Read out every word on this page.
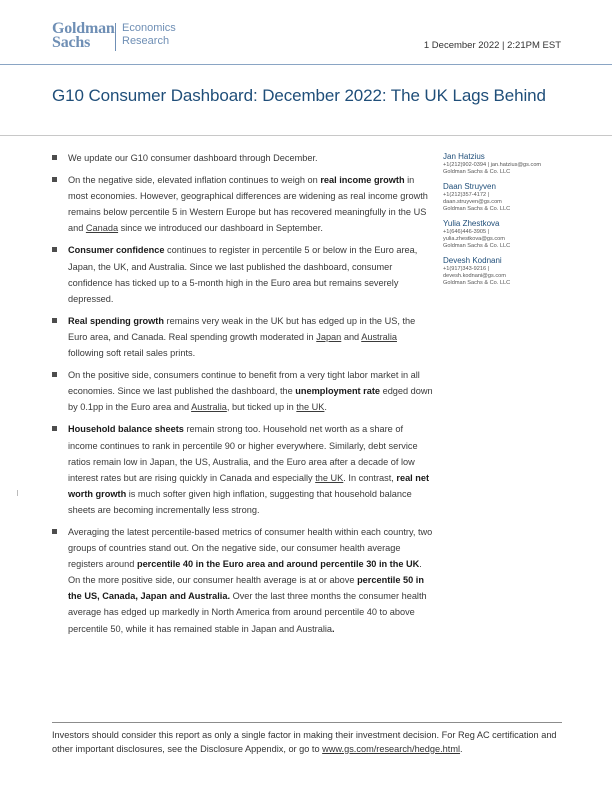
Goldman
Sachs
Economics
Research	1 December 2022 | 2:21PM EST
G10 Consumer Dashboard: December 2022: The UK Lags Behind
We update our G10 consumer dashboard through December.
On the negative side, elevated inflation continues to weigh on real income growth in most economies. However, geographical differences are widening as real income growth remains below percentile 5 in Western Europe but has recovered meaningfully in the US and Canada since we introduced our dashboard in September.
Consumer confidence continues to register in percentile 5 or below in the Euro area, Japan, the UK, and Australia. Since we last published the dashboard, consumer confidence has ticked up to a 5-month high in the Euro area but remains severely depressed.
Real spending growth remains very weak in the UK but has edged up in the US, the Euro area, and Canada. Real spending growth moderated in Japan and Australia following soft retail sales prints.
On the positive side, consumers continue to benefit from a very tight labor market in all economies. Since we last published the dashboard, the unemployment rate edged down by 0.1pp in the Euro area and Australia, but ticked up in the UK.
Household balance sheets remain strong too. Household net worth as a share of income continues to rank in percentile 90 or higher everywhere. Similarly, debt service ratios remain low in Japan, the US, Australia, and the Euro area after a decade of low interest rates but are rising quickly in Canada and especially the UK. In contrast, real net worth growth is much softer given high inflation, suggesting that household balance sheets are becoming incrementally less strong.
Averaging the latest percentile-based metrics of consumer health within each country, two groups of countries stand out. On the negative side, our consumer health average registers around percentile 40 in the Euro area and around percentile 30 in the UK. On the more positive side, our consumer health average is at or above percentile 50 in the US, Canada, Japan and Australia. Over the last three months the consumer health average has edged up markedly in North America from around percentile 40 to above percentile 50, while it has remained stable in Japan and Australia.
Jan Hatzius
+1(212)902-0394 | jan.hatzius@gs.com
Goldman Sachs & Co. LLC
Daan Struyven
+1(212)357-4172 |
daan.struyven@gs.com
Goldman Sachs & Co. LLC
Yulia Zhestkova
+1(646)446-3905 |
yulia.zhestkova@gs.com
Goldman Sachs & Co. LLC
Devesh Kodnani
+1(917)343-9216 |
devesh.kodnani@gs.com
Goldman Sachs & Co. LLC
Investors should consider this report as only a single factor in making their investment decision. For Reg AC certification and other important disclosures, see the Disclosure Appendix, or go to www.gs.com/research/hedge.html.
